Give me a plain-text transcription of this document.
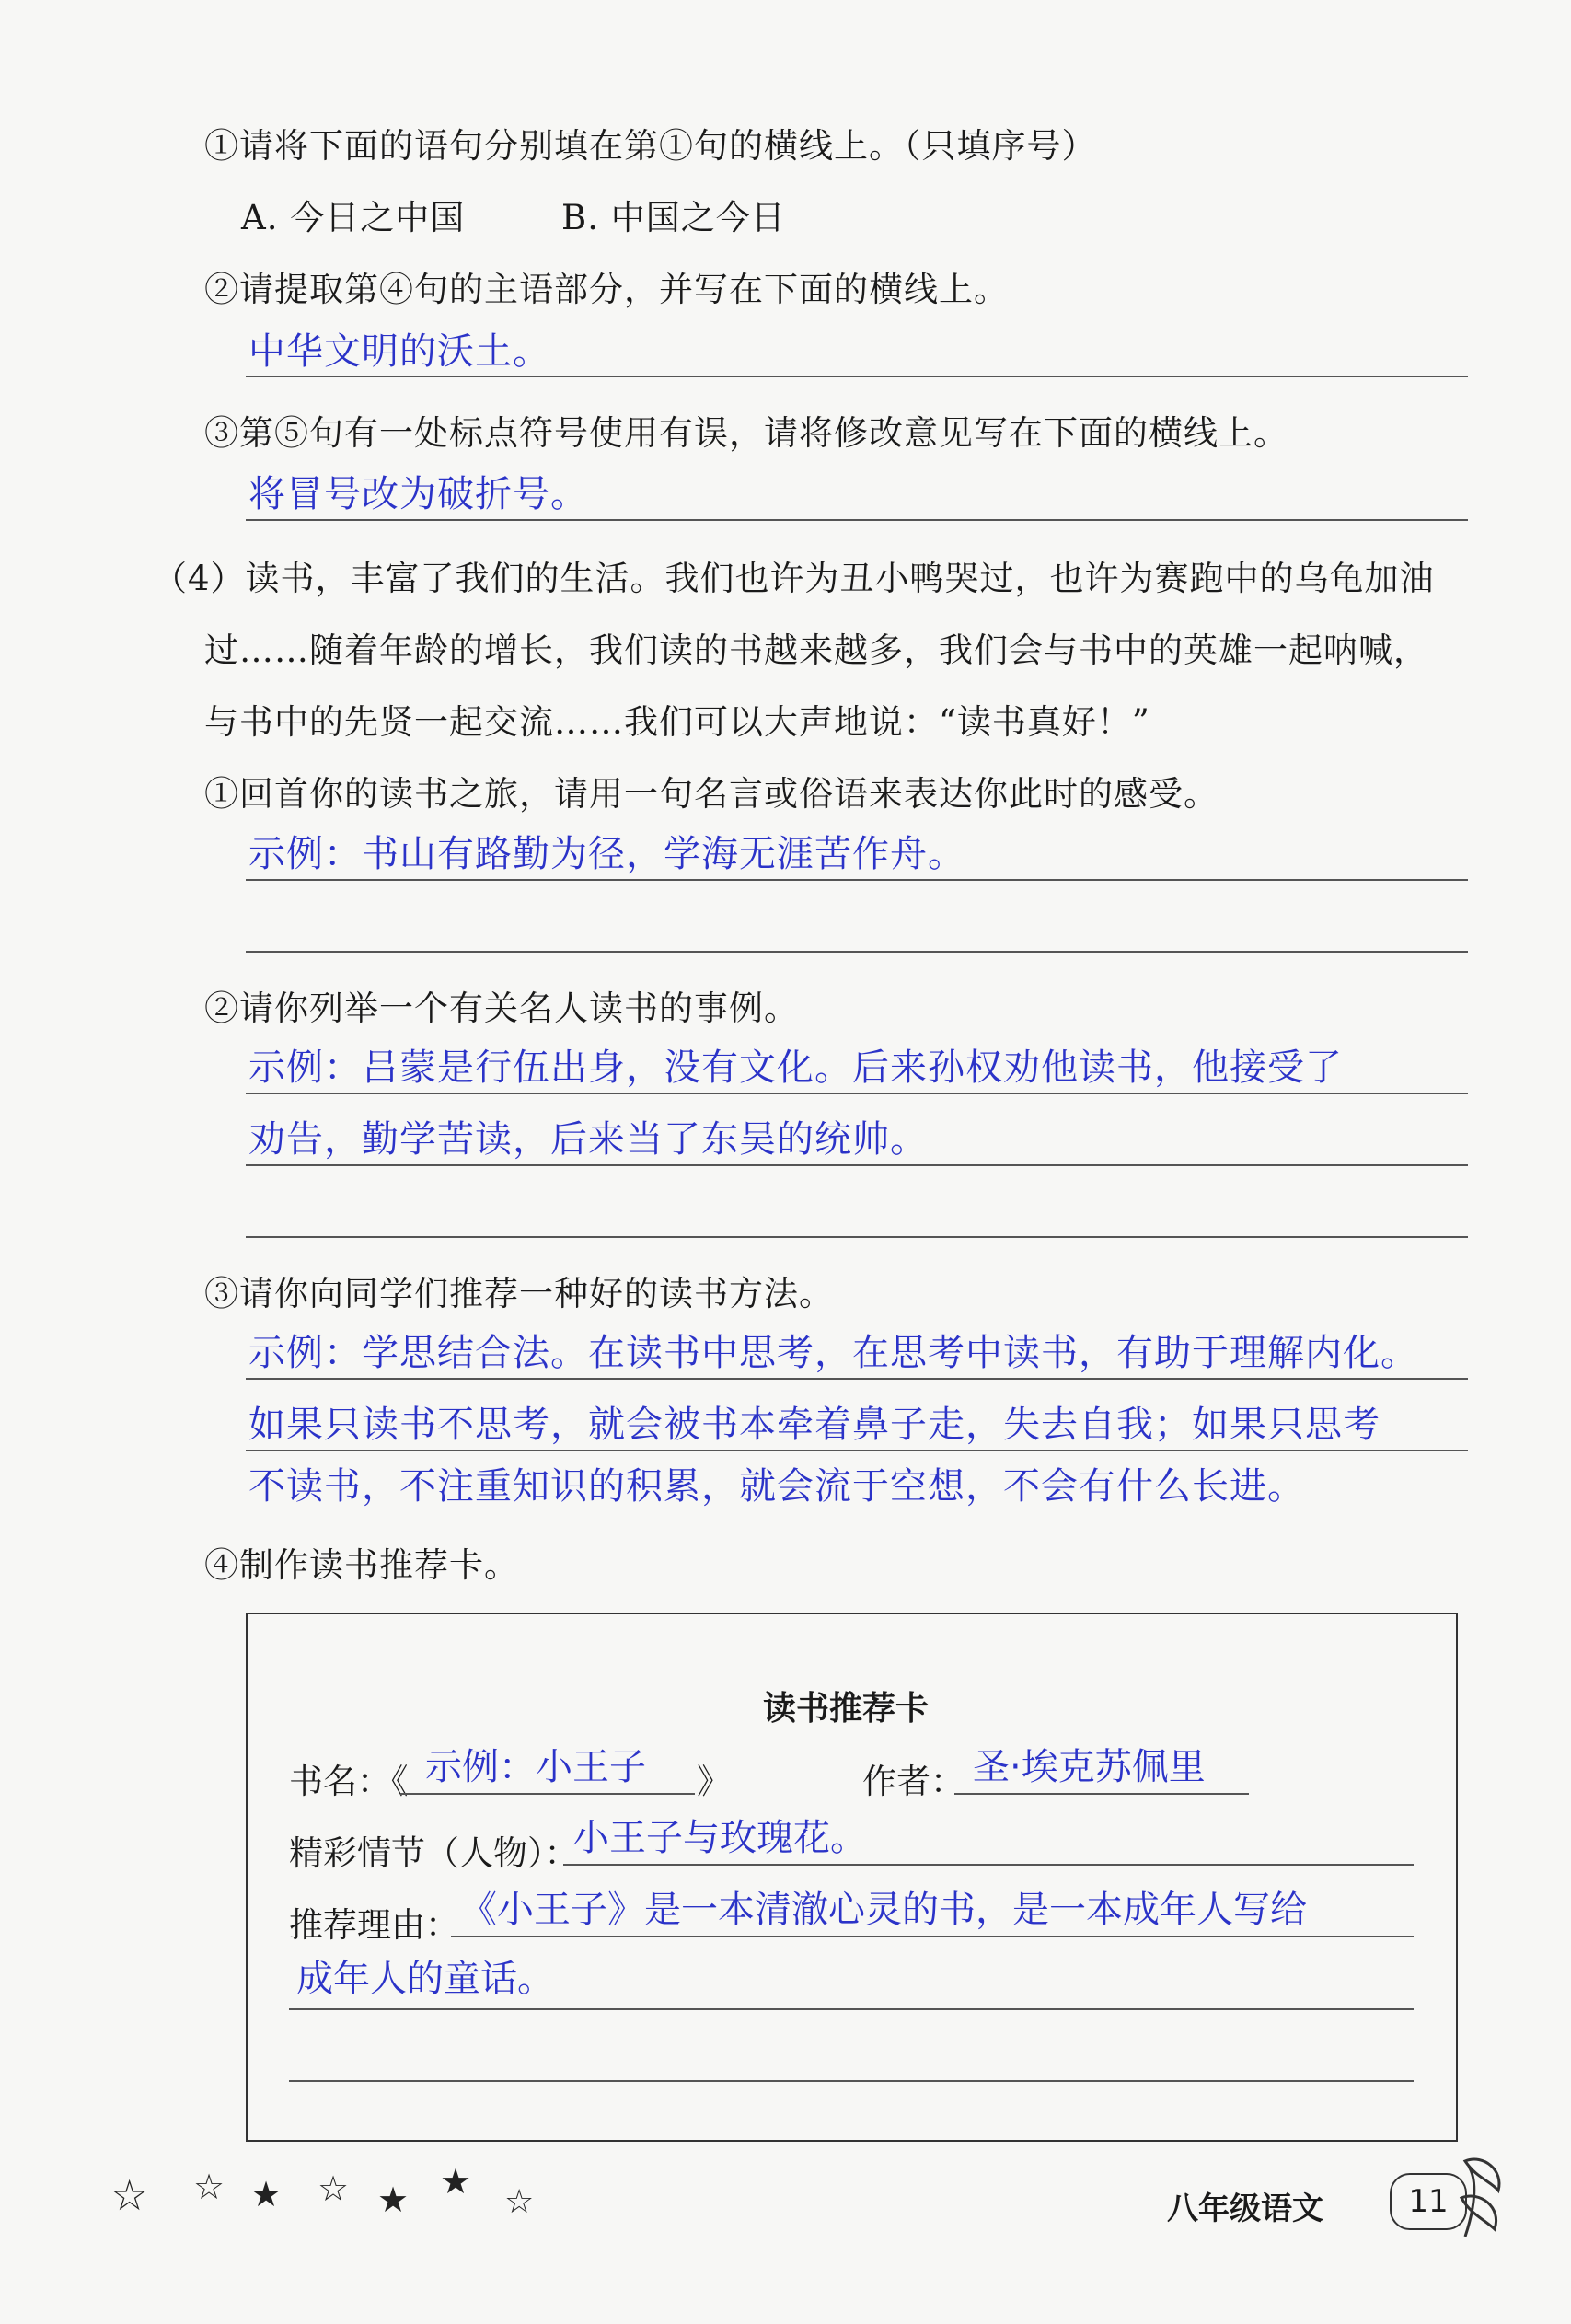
①请将下面的语句分别填在第①句的横线上。（只填序号）
A. 今日之中国	B. 中国之今日
②请提取第④句的主语部分，并写在下面的横线上。
中华文明的沃土。
③第⑤句有一处标点符号使用有误，请将修改意见写在下面的横线上。
将冒号改为破折号。
（4）读书，丰富了我们的生活。我们也许为丑小鸭哭过，也许为赛跑中的乌龟加油
过……随着年龄的增长，我们读的书越来越多，我们会与书中的英雄一起呐喊，
与书中的先贤一起交流……我们可以大声地说：“读书真好！”
①回首你的读书之旅，请用一句名言或俗语来表达你此时的感受。
示例：书山有路勤为径，学海无涯苦作舟。
②请你列举一个有关名人读书的事例。
示例：吕蒙是行伍出身，没有文化。后来孙权劝他读书，他接受了
劝告，勤学苦读，后来当了东吴的统帅。
③请你向同学们推荐一种好的读书方法。
示例：学思结合法。在读书中思考，在思考中读书，有助于理解内化。
如果只读书不思考，就会被书本牵着鼻子走，失去自我；如果只思考
不读书，不注重知识的积累，就会流于空想，不会有什么长进。
④制作读书推荐卡。
读书推荐卡
书名：《 示例：小王子 》	作者： 圣·埃克苏佩里
精彩情节（人物）：
小王子与玫瑰花。
推荐理由： 《小王子》是一本清澈心灵的书，是一本成年人写给
成年人的童话。
☆ ☆ ★ ☆ ★ ★
☆	八年级语文	11
